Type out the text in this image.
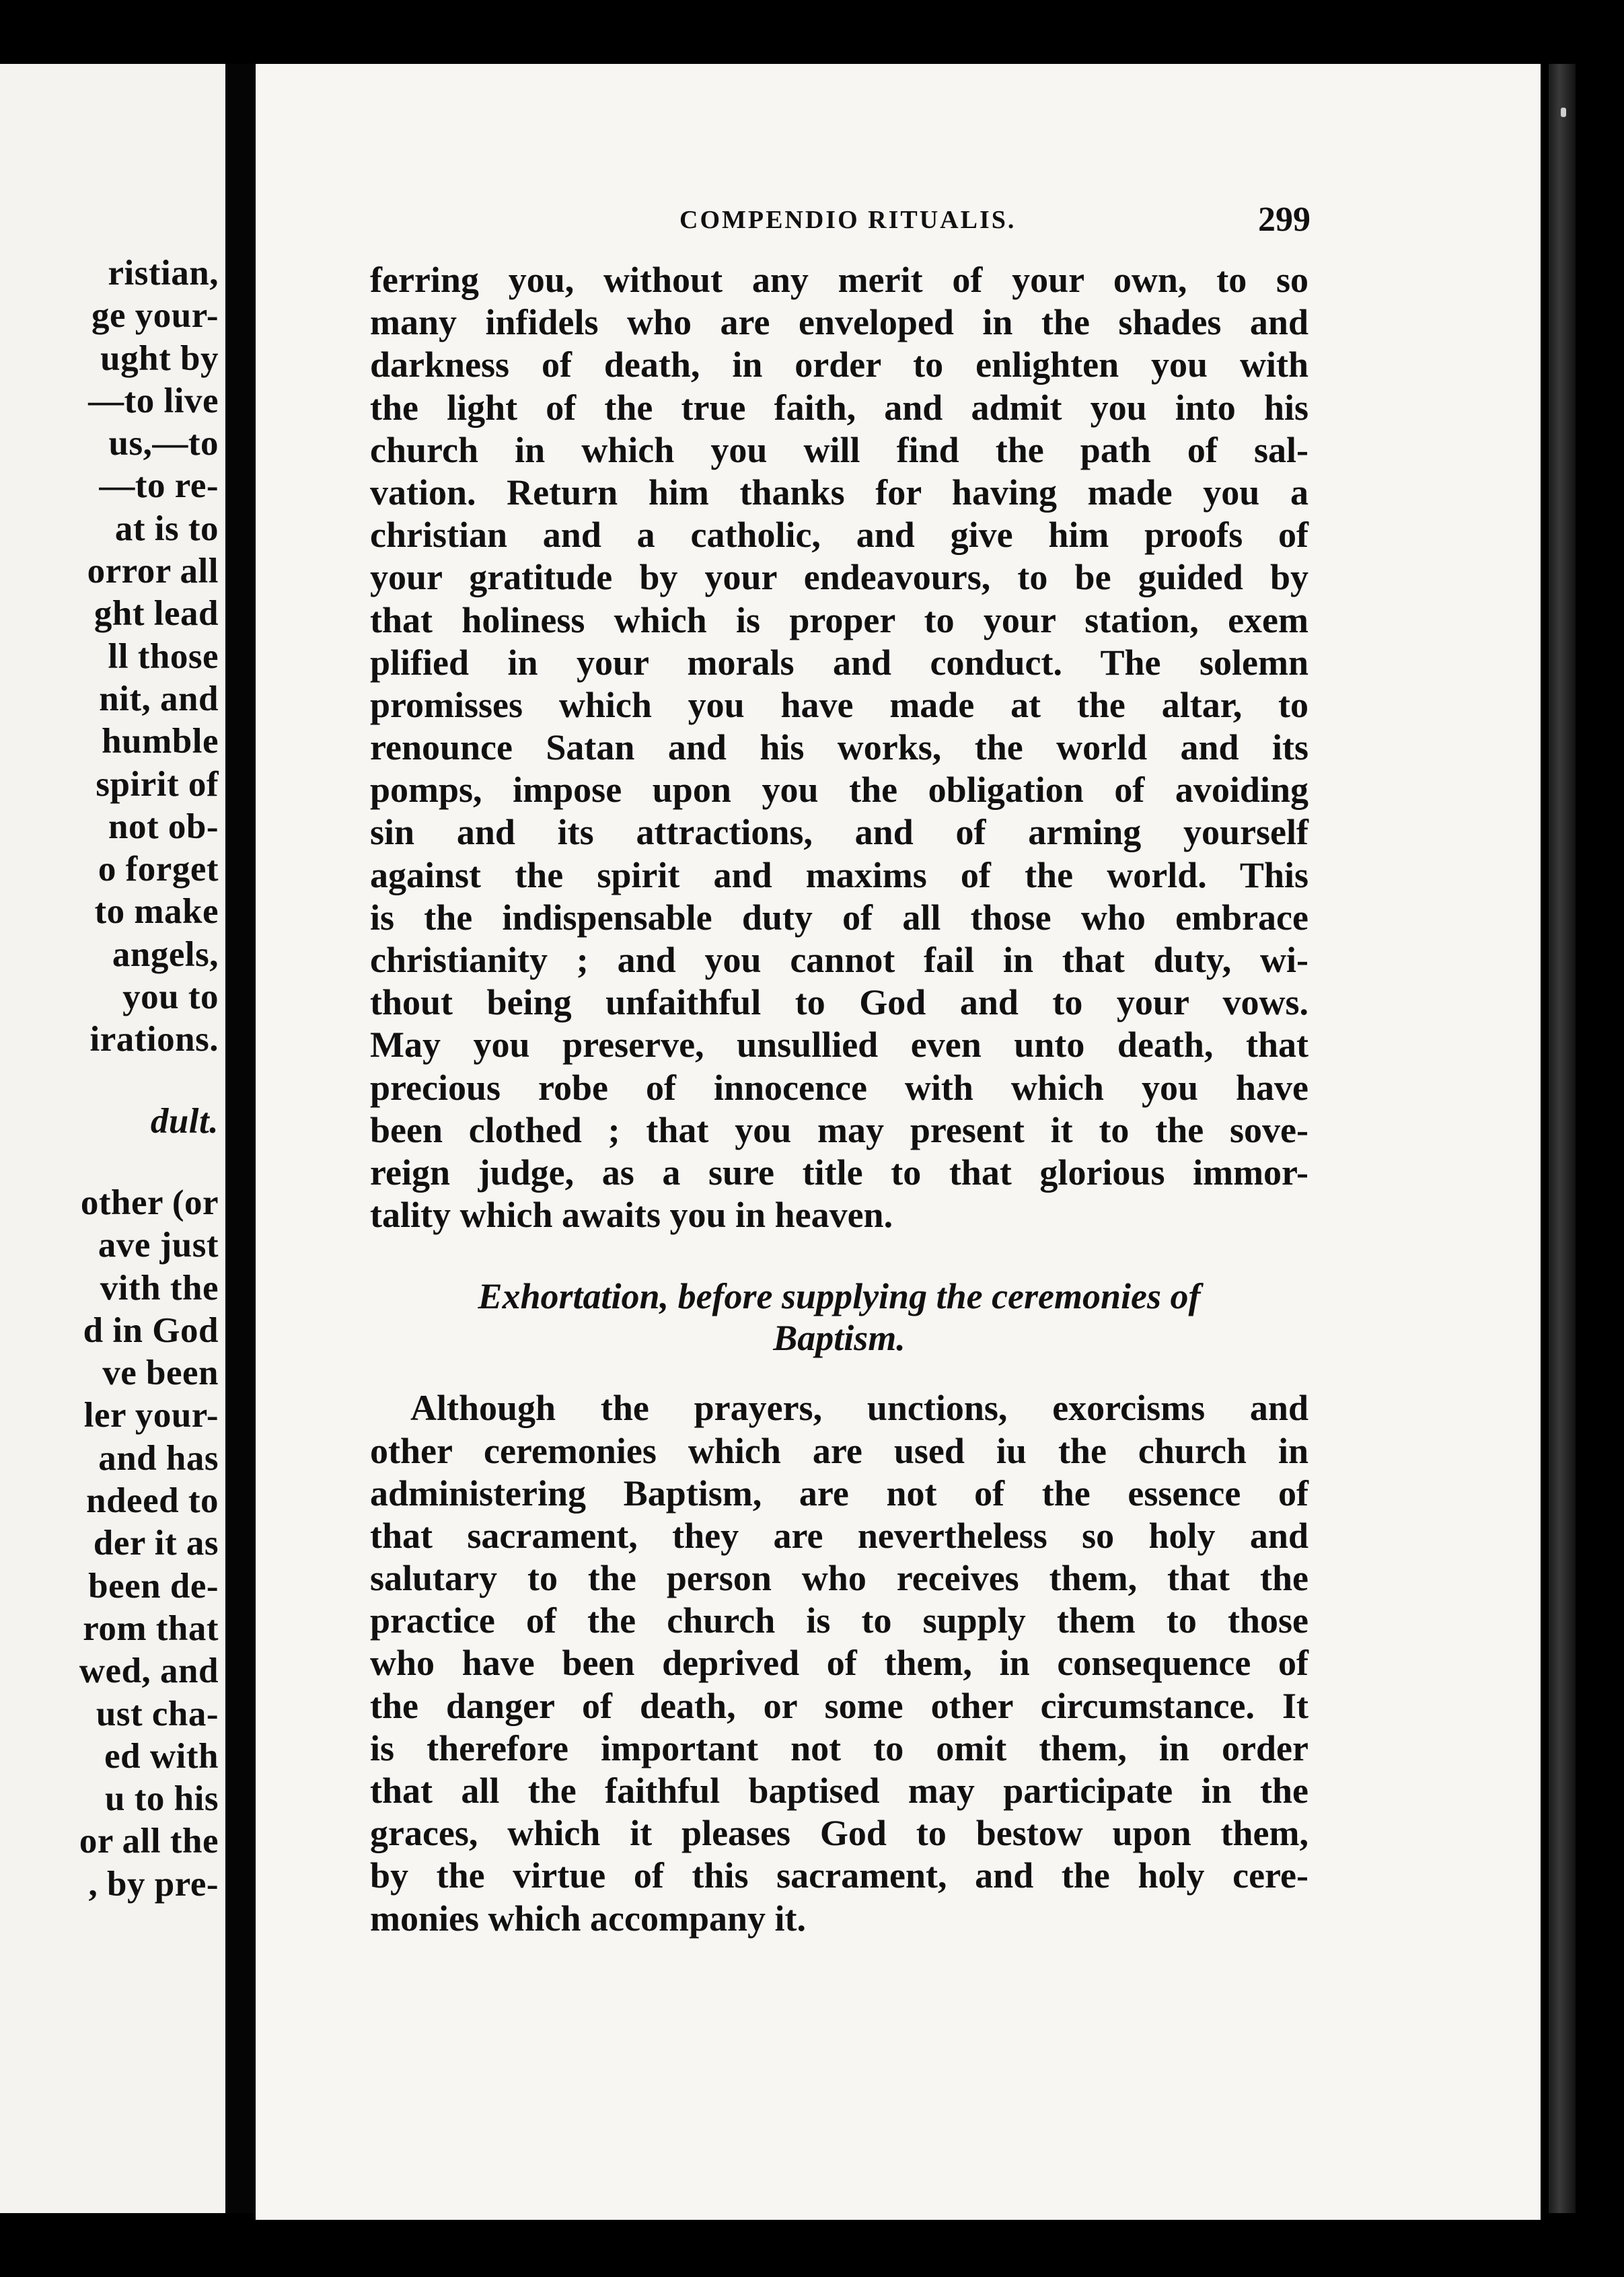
ristian,
ge your-
ught by
—to live
us,—to
—to re-
at is to
orror all
ght lead
ll those
nit, and
humble
spirit of
not ob-
o forget
to make
angels,
you to
irations.
dult.
other (or
ave just
vith the
d in God
ve been
ler your-
and has
ndeed to
der it as
been de-
rom that
wed, and
ust cha-
ed with
u to his
or all the
, by pre-
COMPENDIO RITUALIS.	299
ferring you, without any merit of your own, to so
many infidels who are enveloped in the shades and
darkness of death, in order to enlighten you with
the light of the true faith, and admit you into his
church in which you will find the path of sal-
vation. Return him thanks for having made you a
christian and a catholic, and give him proofs of
your gratitude by your endeavours, to be guided by
that holiness which is proper to your station, exem
plified in your morals and conduct. The solemn
promisses which you have made at the altar, to
renounce Satan and his works, the world and its
pomps, impose upon you the obligation of avoiding
sin and its attractions, and of arming yourself
against the spirit and maxims of the world. This
is the indispensable duty of all those who embrace
christianity ; and you cannot fail in that duty, wi-
thout being unfaithful to God and to your vows.
May you preserve, unsullied even unto death, that
precious robe of innocence with which you have
been clothed ; that you may present it to the sove-
reign judge, as a sure title to that glorious immor-
tality which awaits you in heaven.
Exhortation, before supplying the ceremonies of
Baptism.
Although the prayers, unctions, exorcisms and
other ceremonies which are used iu the church in
administering Baptism, are not of the essence of
that sacrament, they are nevertheless so holy and
salutary to the person who receives them, that the
practice of the church is to supply them to those
who have been deprived of them, in consequence of
the danger of death, or some other circumstance. It
is therefore important not to omit them, in order
that all the faithful baptised may participate in the
graces, which it pleases God to bestow upon them,
by the virtue of this sacrament, and the holy cere-
monies which accompany it.
